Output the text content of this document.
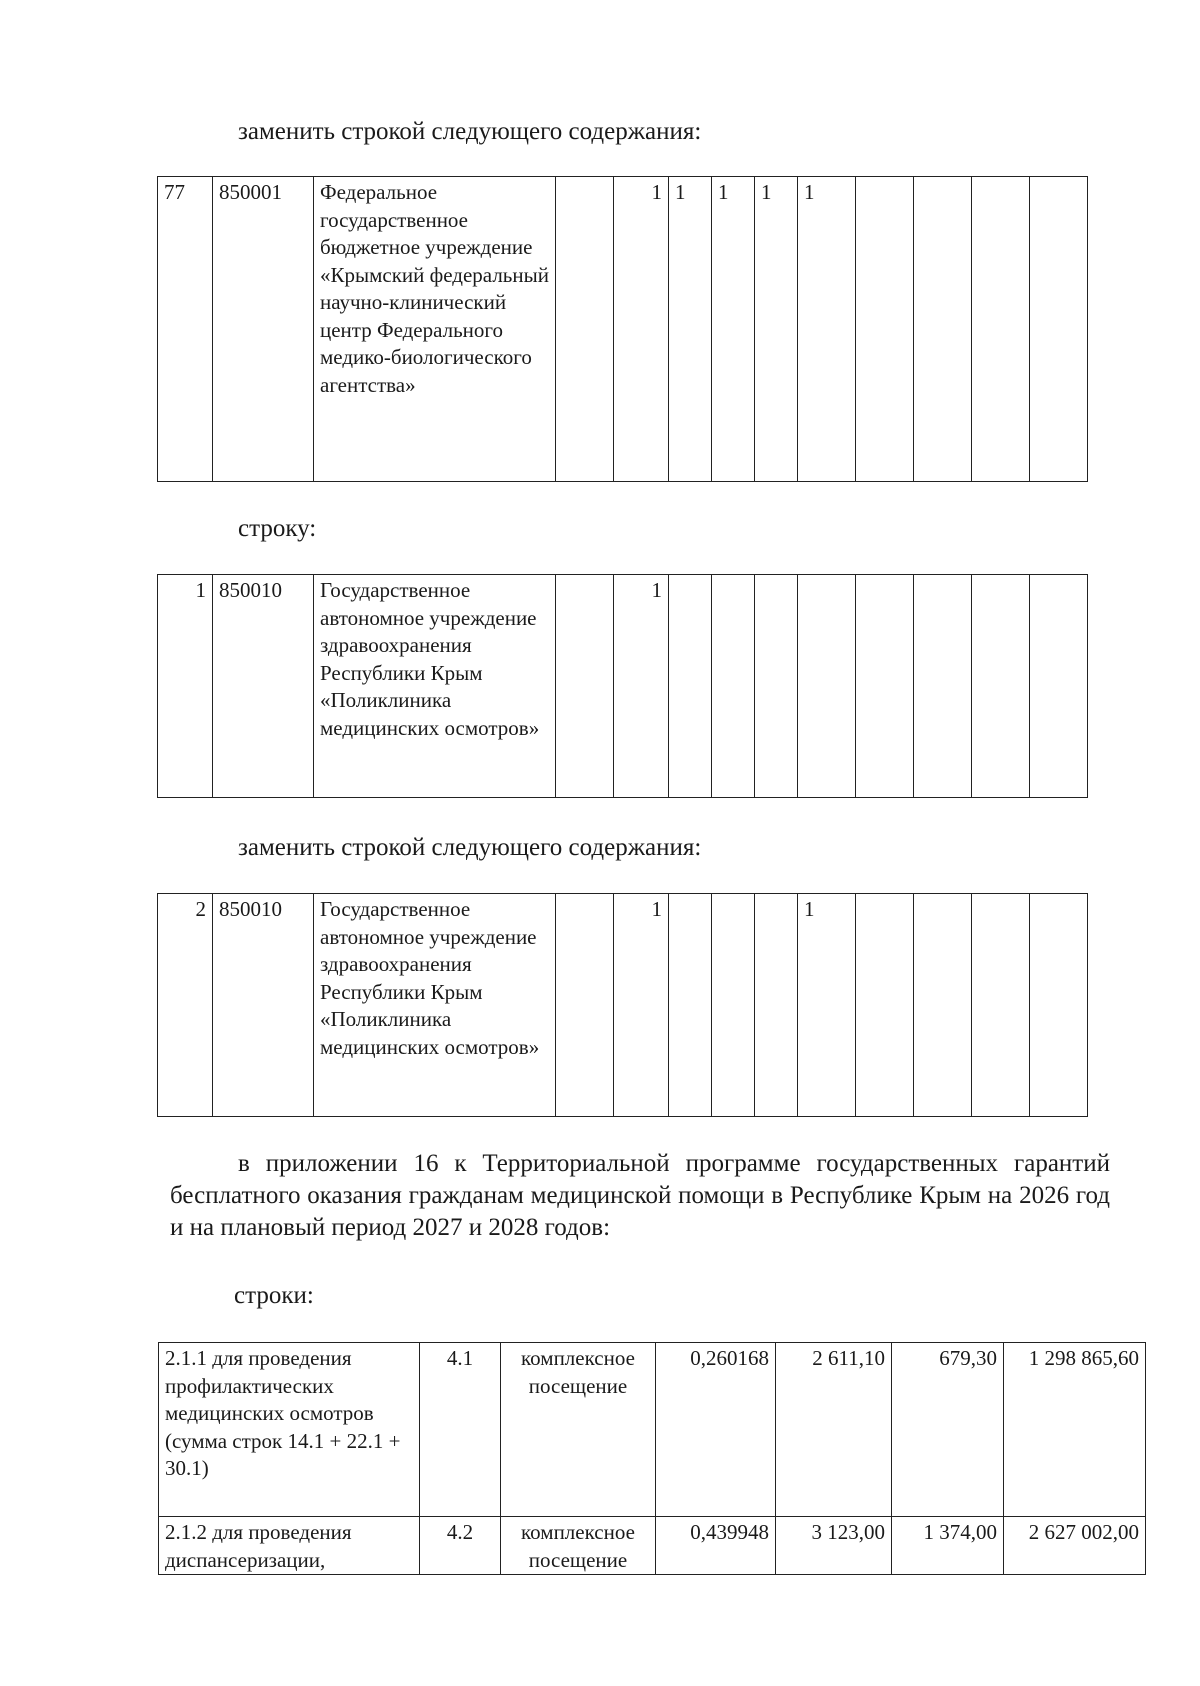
заменить строкой следующего содержания:

77	850001	Федеральное государственное бюджетное учреждение «Крымский федеральный научно-клинический центр Федерального медико-биологического агентства»		1	1	1	1	1				

строку:

1	850010	Государственное автономное учреждение здравоохранения Республики Крым «Поликлиника медицинских осмотров»		1								

заменить строкой следующего содержания:

2	850010	Государственное автономное учреждение здравоохранения Республики Крым «Поликлиника медицинских осмотров»		1				1				

в приложении 16 к Территориальной программе государственных гарантий бесплатного оказания гражданам медицинской помощи в Республике Крым на 2026 год и на плановый период 2027 и 2028 годов:

строки:

2.1.1 для проведения профилактических медицинских осмотров (сумма строк 14.1 + 22.1 + 30.1)	4.1	комплексное посещение	0,260168	2 611,10	679,30	1 298 865,60
2.1.2 для проведения диспансеризации,	4.2	комплексное посещение	0,439948	3 123,00	1 374,00	2 627 002,00
